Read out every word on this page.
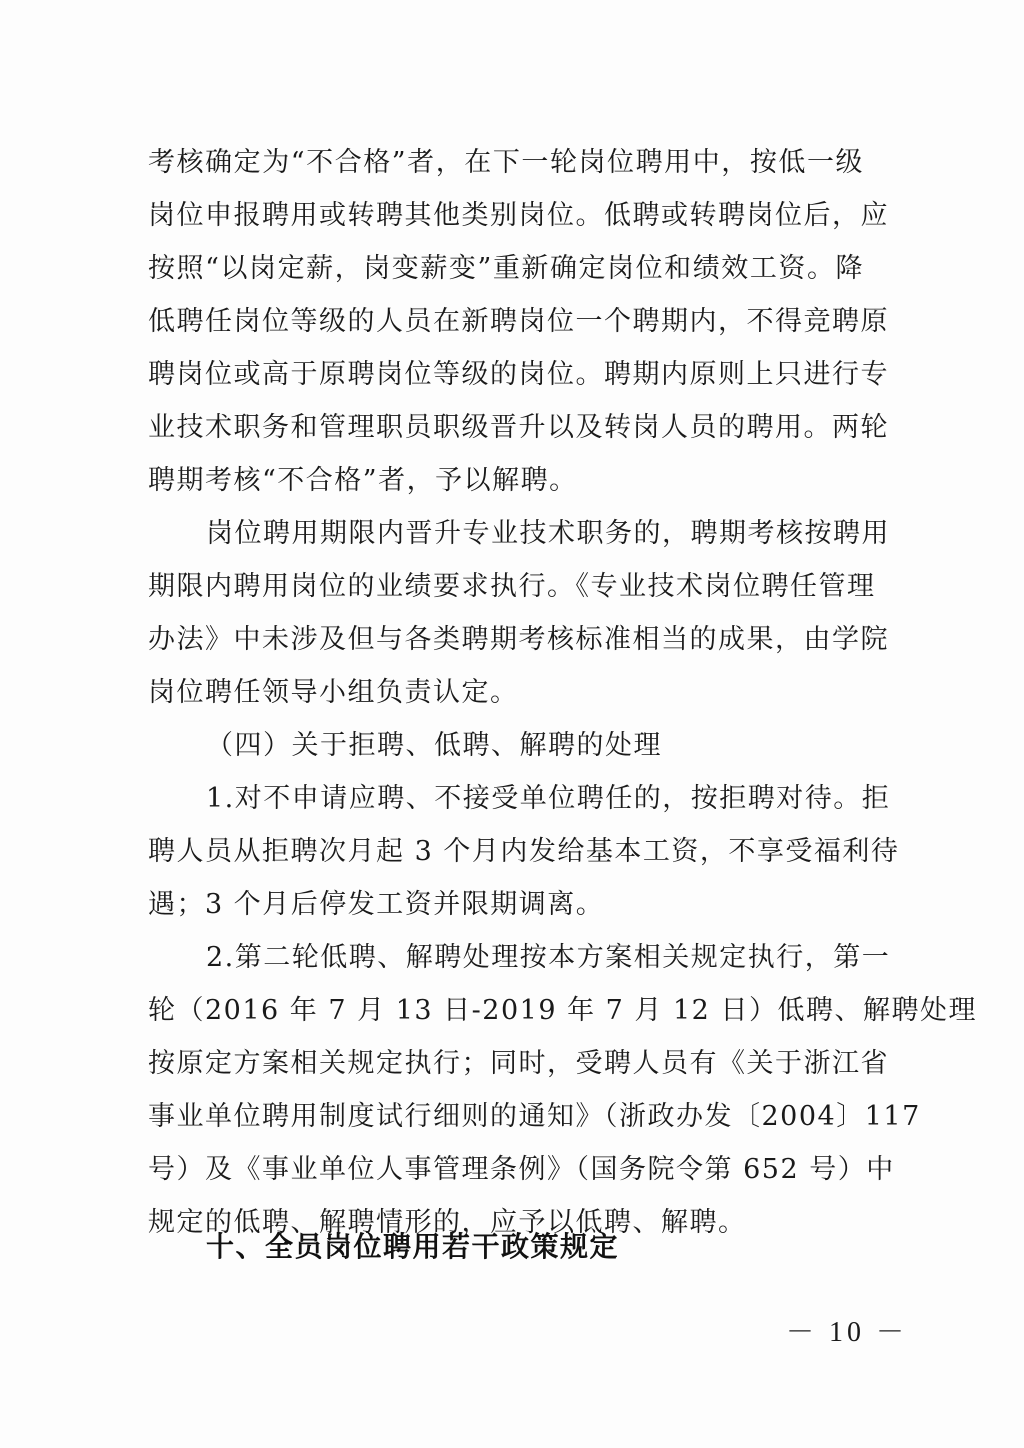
考核确定为“不合格”者，在下一轮岗位聘用中，按低一级
岗位申报聘用或转聘其他类别岗位。低聘或转聘岗位后，应
按照“以岗定薪，岗变薪变”重新确定岗位和绩效工资。降
低聘任岗位等级的人员在新聘岗位一个聘期内，不得竞聘原
聘岗位或高于原聘岗位等级的岗位。聘期内原则上只进行专
业技术职务和管理职员职级晋升以及转岗人员的聘用。两轮
聘期考核“不合格”者，予以解聘。
岗位聘用期限内晋升专业技术职务的，聘期考核按聘用
期限内聘用岗位的业绩要求执行。《专业技术岗位聘任管理
办法》中未涉及但与各类聘期考核标准相当的成果，由学院
岗位聘任领导小组负责认定。
（四）关于拒聘、低聘、解聘的处理
1.对不申请应聘、不接受单位聘任的，按拒聘对待。拒
聘人员从拒聘次月起 3 个月内发给基本工资，不享受福利待
遇；3 个月后停发工资并限期调离。
2.第二轮低聘、解聘处理按本方案相关规定执行，第一
轮（2016 年 7 月 13 日-2019 年 7 月 12 日）低聘、解聘处理
按原定方案相关规定执行；同时，受聘人员有《关于浙江省
事业单位聘用制度试行细则的通知》（浙政办发〔2004〕117
号）及《事业单位人事管理条例》（国务院令第 652 号）中
规定的低聘、解聘情形的，应予以低聘、解聘。
十、全员岗位聘用若干政策规定
－ 10 －
